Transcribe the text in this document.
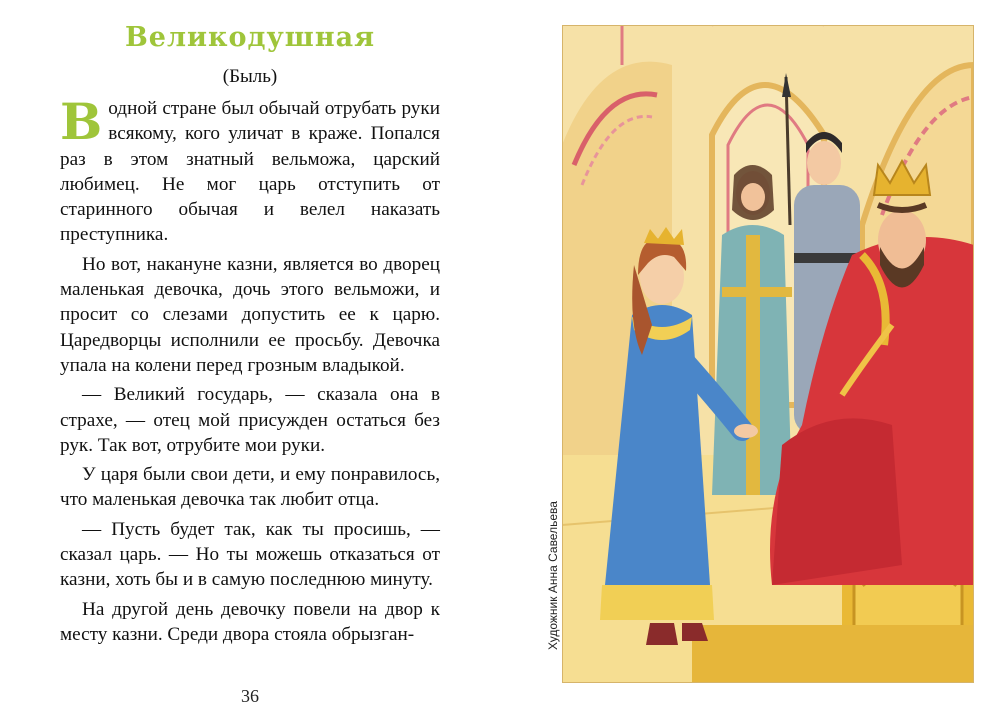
Великодушная
(Быль)

В одной стране был обычай отрубать руки всякому, кого уличат в краже. Попался раз в этом знатный вельможа, царский любимец. Не мог царь отступить от старинного обычая и велел наказать преступника.

Но вот, накануне казни, является во дворец маленькая девочка, дочь этого вельможи, и просит со слезами допустить ее к царю. Царедворцы исполнили ее просьбу. Девочка упала на колени перед грозным владыкой.

— Великий государь, — сказала она в страхе, — отец мой присужден остаться без рук. Так вот, отрубите мои руки.

У царя были свои дети, и ему понравилось, что маленькая девочка так любит отца.

— Пусть будет так, как ты просишь, — сказал царь. — Но ты можешь отказаться от казни, хоть бы и в самую последнюю минуту.

На другой день девочку повели на двор к месту казни. Среди двора стояла обрызган-

36
Художник Анна Савельева
